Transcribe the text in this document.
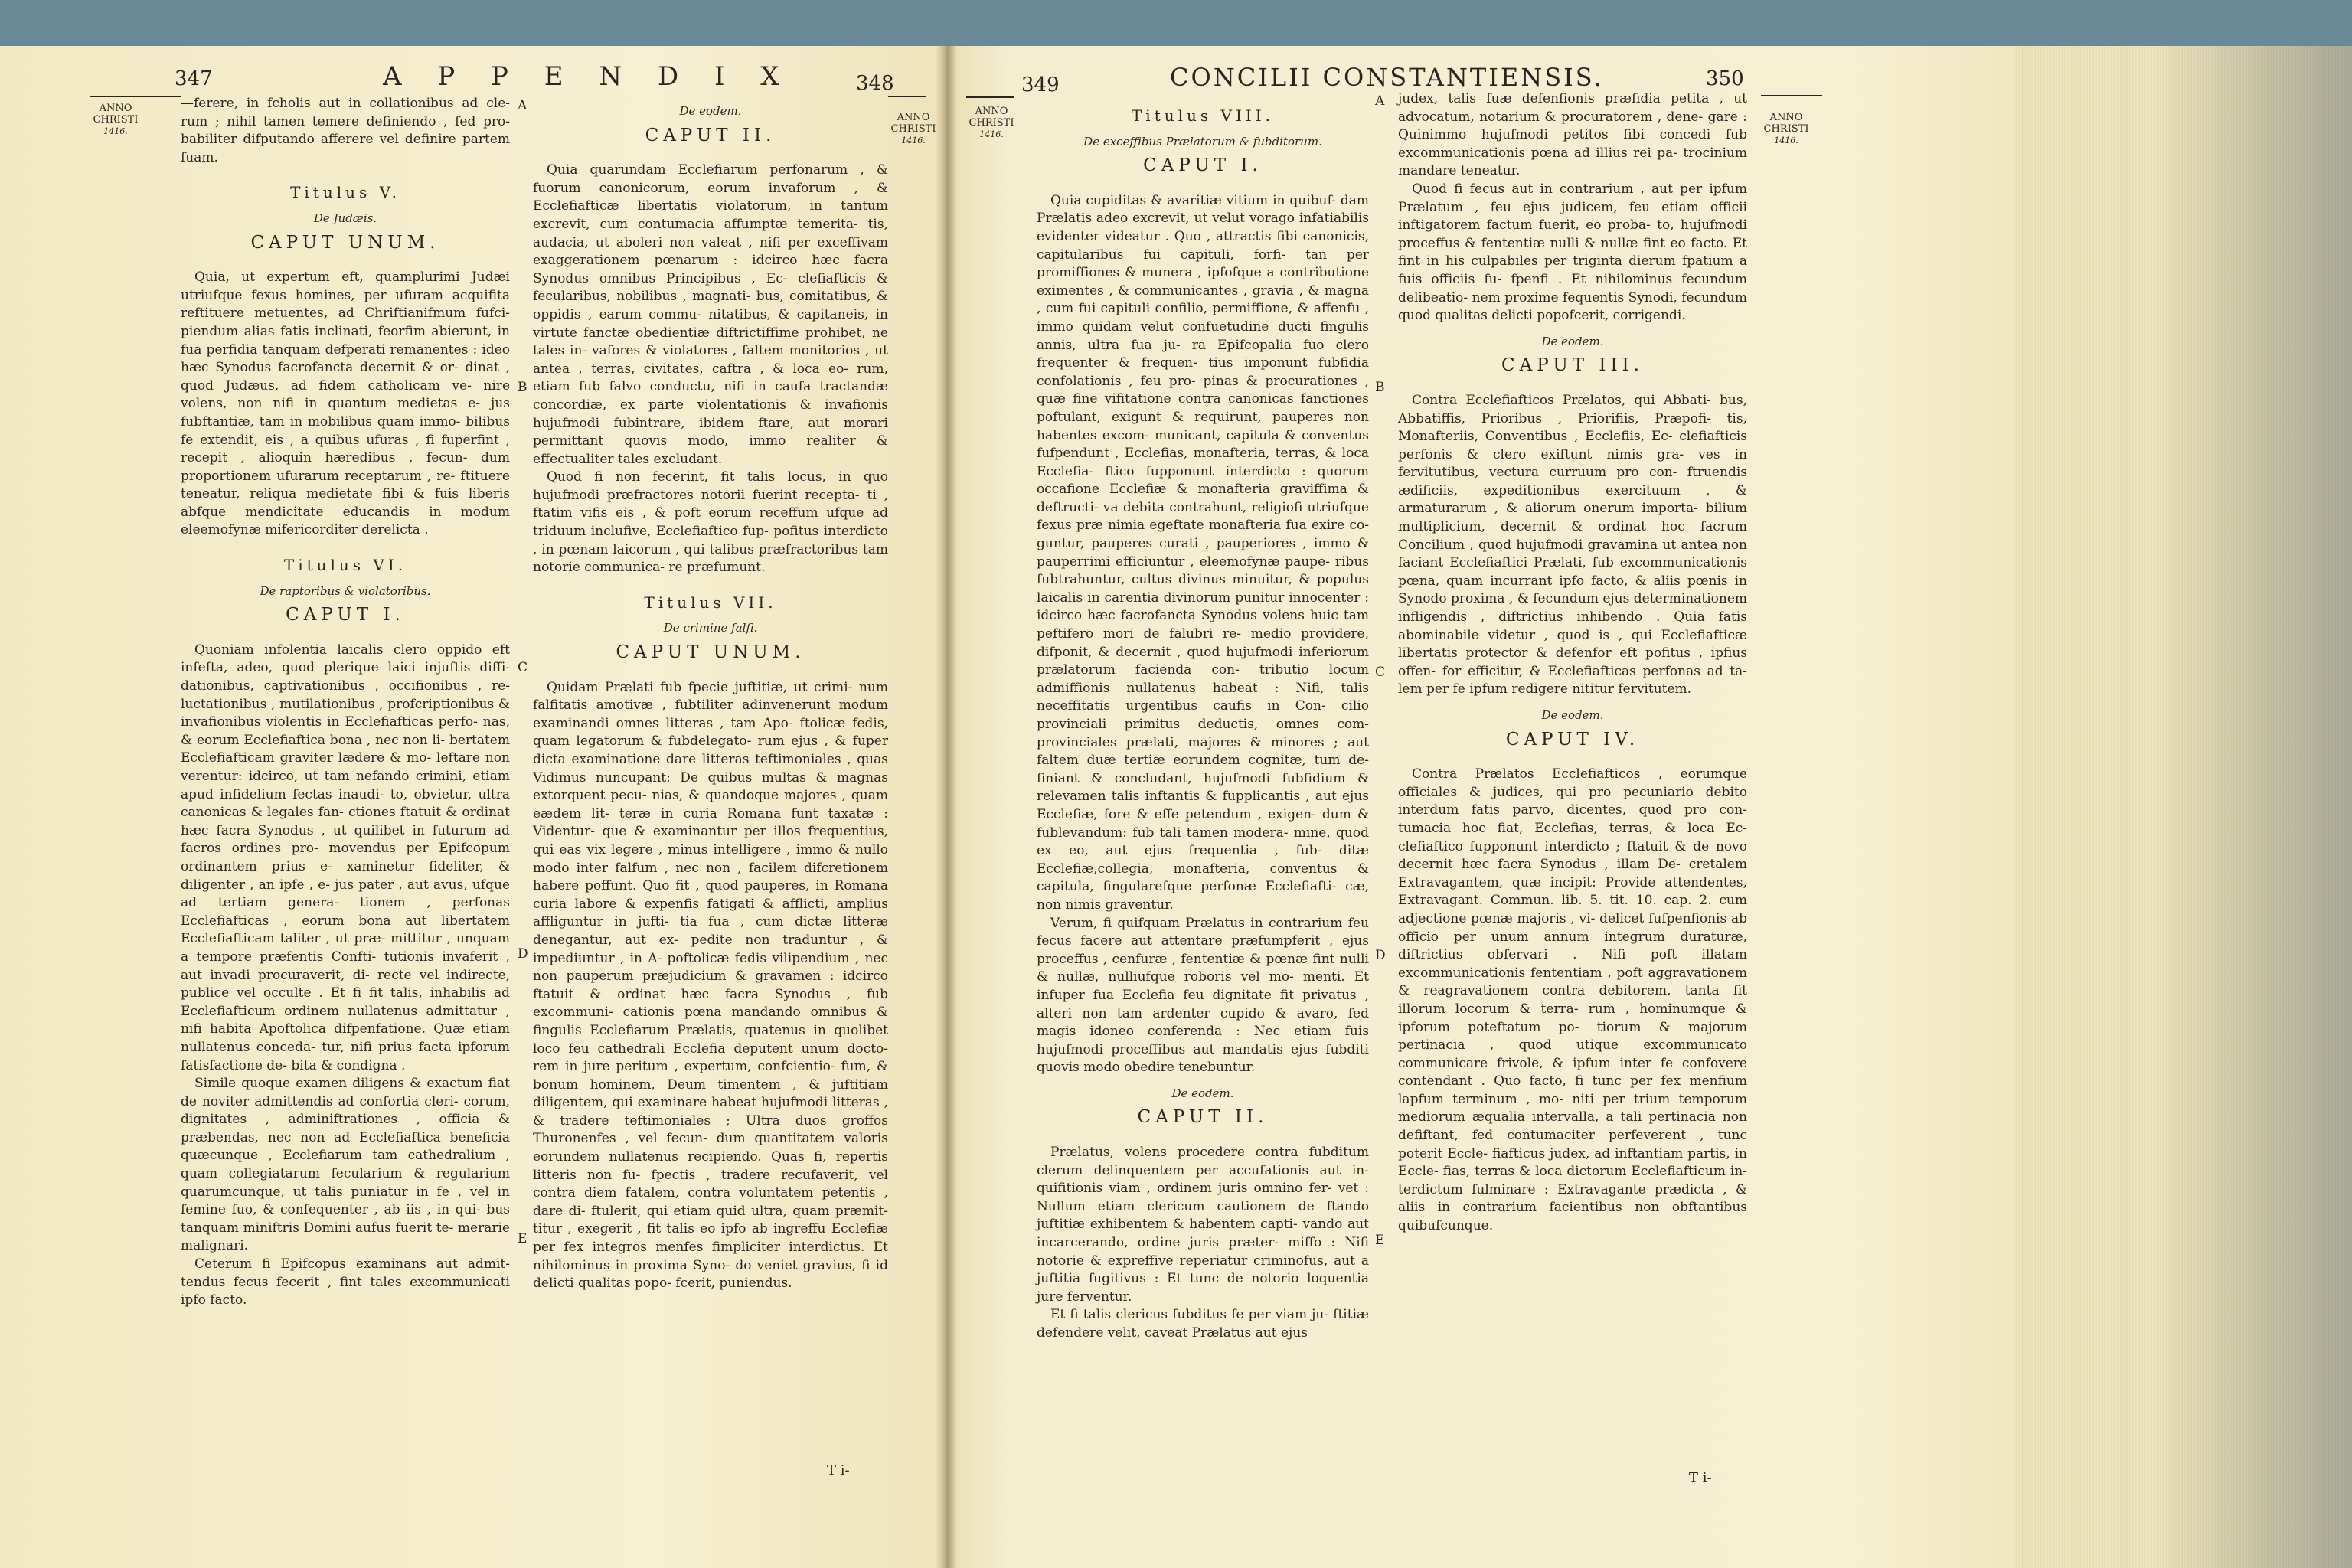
347	A P P E N D I X	348
ANNO
CHRISTI
1416.
ANNO
CHRISTI
1416.

—ferere, in fcholis aut in collationibus ad cle- rum ; nihil tamen temere definiendo , fed pro- babiliter difputando afferere vel definire partem fuam.

Titulus V.
De Judæis.
CAPUT UNUM.

Quia, ut expertum eft, quamplurimi Judæi utriufque fexus homines, per ufuram acquifita reftituere metuentes, ad Chriftianifmum fufci- piendum alias fatis inclinati, feorfim abierunt, in fua perfidia tanquam defperati remanentes : ideo hæc Synodus facrofancta decernit & or- dinat , quod Judæus, ad fidem catholicam ve- nire volens, non nifi in quantum medietas e- jus fubftantiæ, tam in mobilibus quam immo- bilibus fe extendit, eis , a quibus ufuras , fi fuperfint , recepit , alioquin hæredibus , fecun- dum proportionem ufurarum receptarum , re- ftituere teneatur, reliqua medietate fibi & fuis liberis abfque mendicitate educandis in modum eleemofynæ mifericorditer derelicta .

Titulus VI.
De raptoribus & violatoribus.
CAPUT I.

Quoniam infolentia laicalis clero oppido eft infefta, adeo, quod plerique laici injuftis diffi- dationibus, captivationibus , occifionibus , re- luctationibus , mutilationibus , profcriptionibus & invafionibus violentis in Ecclefiafticas perfo- nas, & eorum Ecclefiaftica bona , nec non li- bertatem Ecclefiafticam graviter lædere & mo- leftare non verentur: idcirco, ut tam nefando crimini, etiam apud infidelium fectas inaudi- to, obvietur, ultra canonicas & legales fan- ctiones ftatuit & ordinat hæc facra Synodus , ut quilibet in futurum ad facros ordines pro- movendus per Epifcopum ordinantem prius e- xaminetur fideliter, & diligenter , an ipfe , e- jus pater , aut avus, ufque ad tertiam genera- tionem , perfonas Ecclefiafticas , eorum bona aut libertatem Ecclefiafticam taliter , ut præ- mittitur , unquam a tempore præfentis Confti- tutionis invaferit , aut invadi procuraverit, di- recte vel indirecte, publice vel occulte . Et fi fit talis, inhabilis ad Ecclefiafticum ordinem nullatenus admittatur , nifi habita Apoftolica difpenfatione. Quæ etiam nullatenus conceda- tur, nifi prius facta ipforum fatisfactione de- bita & condigna .

Simile quoque examen diligens & exactum fiat de noviter admittendis ad confortia cleri- corum, dignitates , adminiftrationes , officia & præbendas, nec non ad Ecclefiaftica beneficia quæcunque , Ecclefiarum tam cathedralium , quam collegiatarum fecularium & regularium quarumcunque, ut talis puniatur in fe , vel in femine fuo, & confequenter , ab iis , in qui- bus tanquam miniftris Domini aufus fuerit te- merarie malignari.

Ceterum fi Epifcopus examinans aut admit- tendus fecus fecerit , fint tales excommunicati ipfo facto.

De eodem.
CAPUT II.

Quia quarundam Ecclefiarum perfonarum , & fuorum canonicorum, eorum invaforum , & Ecclefiafticæ libertatis violatorum, in tantum excrevit, cum contumacia affumptæ temerita- tis, audacia, ut aboleri non valeat , nifi per exceffivam exaggerationem pœnarum : idcirco hæc facra Synodus omnibus Principibus , Ec- clefiafticis & fecularibus, nobilibus , magnati- bus, comitatibus, & oppidis , earum commu- nitatibus, & capitaneis, in virtute fanctæ obedientiæ diftrictiffime prohibet, ne tales in- vafores & violatores , faltem monitorios , ut antea , terras, civitates, caftra , & loca eo- rum, etiam fub falvo conductu, nifi in caufa tractandæ concordiæ, ex parte violentationis & invafionis hujufmodi fubintrare, ibidem ftare, aut morari permittant quovis modo, immo realiter & effectualiter tales excludant.

Quod fi non fecerint, fit talis locus, in quo hujufmodi præfractores notorii fuerint recepta- ti , ftatim vifis eis , & poft eorum receffum ufque ad triduum inclufive, Ecclefiaftico fup- pofitus interdicto , in pœnam laicorum , qui talibus præfractoribus tam notorie communica- re præfumunt.

Titulus VII.
De crimine falfi.
CAPUT UNUM.

Quidam Prælati fub fpecie juftitiæ, ut crimi- num falfitatis amotivæ , fubtiliter adinvenerunt modum examinandi omnes litteras , tam Apo- ftolicæ fedis, quam legatorum & fubdelegato- rum ejus , & fuper dicta examinatione dare litteras teftimoniales , quas Vidimus nuncupant: De quibus multas & magnas extorquent pecu- nias, & quandoque majores , quam eædem lit- teræ in curia Romana funt taxatæ : Videntur- que & examinantur per illos frequentius, qui eas vix legere , minus intelligere , immo & nullo modo inter falfum , nec non , facilem difcretionem habere poffunt. Quo fit , quod pauperes, in Romana curia labore & expenfis fatigati & afflicti, amplius affliguntur in jufti- tia fua , cum dictæ litteræ denegantur, aut ex- pedite non traduntur , & impediuntur , in A- poftolicæ fedis vilipendium , nec non pauperum præjudicium & gravamen : idcirco ftatuit & ordinat hæc facra Synodus , fub excommuni- cationis pœna mandando omnibus & fingulis Ecclefiarum Prælatis, quatenus in quolibet loco feu cathedrali Ecclefia deputent unum docto- rem in jure peritum , expertum, confcientio- fum, & bonum hominem, Deum timentem , & juftitiam diligentem, qui examinare habeat hujufmodi litteras , & tradere teftimoniales ; Ultra duos groffos Thuronenfes , vel fecun- dum quantitatem valoris eorundem nullatenus recipiendo. Quas fi, repertis litteris non fu- fpectis , tradere recufaverit, vel contra diem fatalem, contra voluntatem petentis , dare di- ftulerit, qui etiam quid ultra, quam præmit- titur , exegerit , fit talis eo ipfo ab ingreffu Ecclefiæ per fex integros menfes fimpliciter interdictus. Et nihilominus in proxima Syno- do veniet gravius, fi id delicti qualitas popo- fcerit, puniendus.

A
B
C
D
E
T i-
349	CONCILII CONSTANTIENSIS.	350
ANNO
CHRISTI
1416.
ANNO
CHRISTI
1416.
Titulus VIII.
De exceffibus Prælatorum & fubditorum.
CAPUT I.

Quia cupiditas & avaritiæ vitium in quibuf- dam Prælatis adeo excrevit, ut velut vorago infatiabilis evidenter videatur . Quo , attractis fibi canonicis, capitularibus fui capituli, forfi- tan per promiffiones & munera , ipfofque a contributione eximentes , & communicantes , gravia , & magna , cum fui capituli confilio, permiffione, & affenfu , immo quidam velut confuetudine ducti fingulis annis, ultra fua ju- ra Epifcopalia fuo clero frequenter & frequen- tius imponunt fubfidia confolationis , feu pro- pinas & procurationes , quæ fine vifitatione contra canonicas fanctiones poftulant, exigunt & requirunt, pauperes non habentes excom- municant, capitula & conventus fufpendunt , Ecclefias, monafteria, terras, & loca Ecclefia- ftico fupponunt interdicto : quorum occafione Ecclefiæ & monafteria graviffima & deftructi- va debita contrahunt, religiofi utriufque fexus præ nimia egeftate monafteria fua exire co- guntur, pauperes curati , pauperiores , immo & pauperrimi efficiuntur , eleemofynæ paupe- ribus fubtrahuntur, cultus divinus minuitur, & populus laicalis in carentia divinorum punitur innocenter : idcirco hæc facrofancta Synodus volens huic tam peftifero mori de falubri re- medio providere, difponit, & decernit , quod hujufmodi inferiorum prælatorum facienda con- tributio locum admiffionis nullatenus habeat : Nifi, talis neceffitatis urgentibus caufis in Con- cilio provinciali primitus deductis, omnes com- provinciales prælati, majores & minores ; aut faltem duæ tertiæ eorundem cognitæ, tum de- finiant & concludant, hujufmodi fubfidium & relevamen talis inftantis & fupplicantis , aut ejus Ecclefiæ, fore & effe petendum , exigen- dum & fublevandum: fub tali tamen modera- mine, quod ex eo, aut ejus frequentia , fub- ditæ Ecclefiæ,collegia, monafteria, conventus & capitula, fingularefque perfonæ Ecclefiafti- cæ, non nimis graventur.

Verum, fi quifquam Prælatus in contrarium feu fecus facere aut attentare præfumpferit , ejus proceffus , cenfuræ , fententiæ & pœnæ fint nulli & nullæ, nulliufque roboris vel mo- menti. Et infuper fua Ecclefia feu dignitate fit privatus , alteri non tam ardenter cupido & avaro, fed magis idoneo conferenda : Nec etiam fuis hujufmodi proceffibus aut mandatis ejus fubditi quovis modo obedire tenebuntur.

De eodem.
CAPUT II.

Prælatus, volens procedere contra fubditum clerum delinquentem per accufationis aut in- quifitionis viam , ordinem juris omnino fer- vet : Nullum etiam clericum cautionem de ftando juftitiæ exhibentem & habentem capti- vando aut incarcerando, ordine juris præter- miffo : Nifi notorie & expreffive reperiatur criminofus, aut a juftitia fugitivus : Et tunc de notorio loquentia jure ferventur.

Et fi talis clericus fubditus fe per viam ju- ftitiæ defendere velit, caveat Prælatus aut ejus

judex, talis fuæ defenfionis præfidia petita , ut advocatum, notarium & procuratorem , dene- gare : Quinimmo hujufmodi petitos fibi concedi fub excommunicationis pœna ad illius rei pa- trocinium mandare teneatur.

Quod fi fecus aut in contrarium , aut per ipfum Prælatum , feu ejus judicem, feu etiam officii inftigatorem factum fuerit, eo proba- to, hujufmodi proceffus & fententiæ nulli & nullæ fint eo facto. Et fint in his culpabiles per triginta dierum fpatium a fuis officiis fu- fpenfi . Et nihilominus fecundum delibeatio- nem proxime fequentis Synodi, fecundum quod qualitas delicti popofcerit, corrigendi.

De eodem.
CAPUT III.

Contra Ecclefiafticos Prælatos, qui Abbati- bus, Abbatiffis, Prioribus , Priorifiis, Præpofi- tis, Monafteriis, Conventibus , Ecclefiis, Ec- clefiafticis perfonis & clero exiftunt nimis gra- ves in fervitutibus, vectura curruum pro con- ftruendis ædificiis, expeditionibus exercituum , & armaturarum , & aliorum onerum importa- bilium multiplicium, decernit & ordinat hoc facrum Concilium , quod hujufmodi gravamina ut antea non faciant Ecclefiaftici Prælati, fub excommunicationis pœna, quam incurrant ipfo facto, & aliis pœnis in Synodo proxima , & fecundum ejus determinationem infligendis , diftrictius inhibendo . Quia fatis abominabile videtur , quod is , qui Ecclefiafticæ libertatis protector & defenfor eft pofitus , ipfius offen- for efficitur, & Ecclefiafticas perfonas ad ta- lem per fe ipfum redigere nititur fervitutem.

De eodem.
CAPUT IV.

Contra Prælatos Ecclefiafticos , eorumque officiales & judices, qui pro pecuniario debito interdum fatis parvo, dicentes, quod pro con- tumacia hoc fiat, Ecclefias, terras, & loca Ec- clefiaftico fupponunt interdicto ; ftatuit & de novo decernit hæc facra Synodus , illam De- cretalem Extravagantem, quæ incipit: Provide attendentes, Extravagant. Commun. lib. 5. tit. 10. cap. 2. cum adjectione pœnæ majoris , vi- delicet fufpenfionis ab officio per unum annum integrum duraturæ, diftrictius obfervari . Nifi poft illatam excommunicationis fententiam , poft aggravationem & reagravationem contra debitorem, tanta fit illorum locorum & terra- rum , hominumque & ipforum poteftatum po- tiorum & majorum pertinacia , quod utique excommunicato communicare frivole, & ipfum inter fe confovere contendant . Quo facto, fi tunc per fex menfium lapfum terminum , mo- niti per trium temporum mediorum æqualia intervalla, a tali pertinacia non defiftant, fed contumaciter perfeverent , tunc poterit Eccle- fiafticus judex, ad inftantiam partis, in Eccle- fias, terras & loca dictorum Ecclefiafticum in- terdictum fulminare : Extravagante prædicta , & aliis in contrarium facientibus non obftantibus quibufcunque.

A
B
C
D
E
T i-
